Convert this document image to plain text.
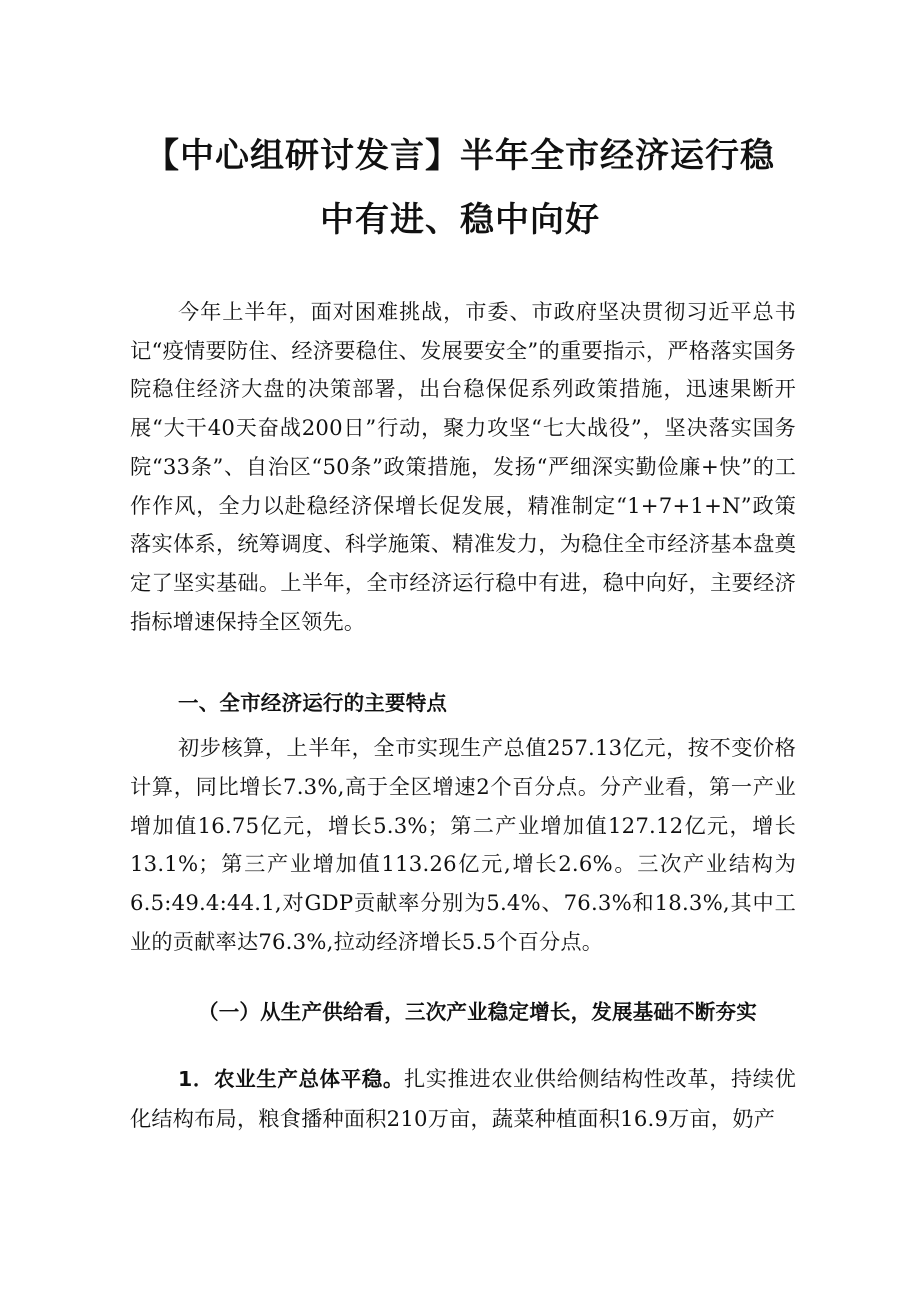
【中心组研讨发言】半年全市经济运行稳
中有进、稳中向好

今年上半年，面对困难挑战，市委、市政府坚决贯彻习近平总书记“疫情要防住、经济要稳住、发展要安全”的重要指示，严格落实国务院稳住经济大盘的决策部署，出台稳保促系列政策措施，迅速果断开展“大干40天奋战200日”行动，聚力攻坚“七大战役”，坚决落实国务院“33条”、自治区“50条”政策措施，发扬“严细深实勤俭廉+快”的工作作风，全力以赴稳经济保增长促发展，精准制定“1+7+1+N”政策落实体系，统筹调度、科学施策、精准发力，为稳住全市经济基本盘奠定了坚实基础。上半年，全市经济运行稳中有进，稳中向好，主要经济指标增速保持全区领先。

一、全市经济运行的主要特点

初步核算，上半年，全市实现生产总值257.13亿元，按不变价格计算，同比增长7.3%,高于全区增速2个百分点。分产业看，第一产业增加值16.75亿元，增长5.3%；第二产业增加值127.12亿元，增长13.1%；第三产业增加值113.26亿元,增长2.6%。三次产业结构为6.5:49.4:44.1,对GDP贡献率分别为5.4%、76.3%和18.3%,其中工业的贡献率达76.3%,拉动经济增长5.5个百分点。

（一）从生产供给看，三次产业稳定增长，发展基础不断夯实

1．农业生产总体平稳。扎实推进农业供给侧结构性改革，持续优化结构布局，粮食播种面积210万亩，蔬菜种植面积16.9万亩，奶产
